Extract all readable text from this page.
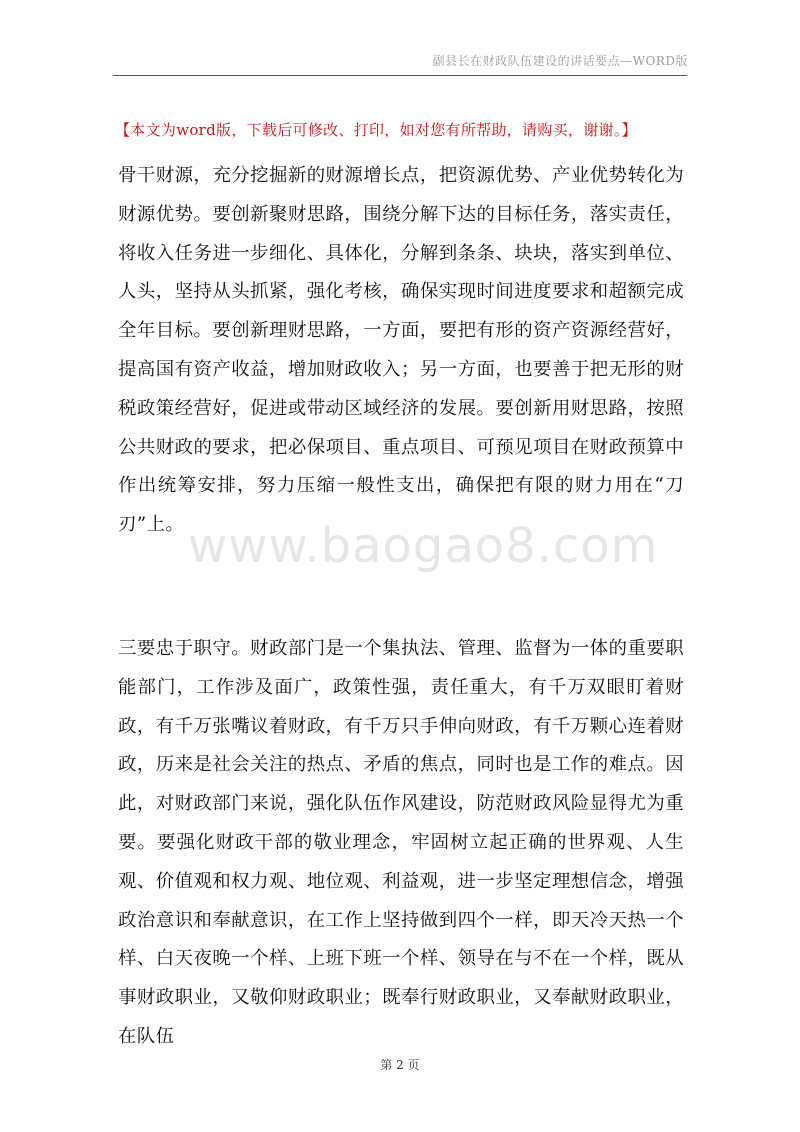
副县长在财政队伍建设的讲话要点—WORD版
【本文为word版，下载后可修改、打印，如对您有所帮助，请购买，谢谢。】

骨干财源，充分挖掘新的财源增长点，把资源优势、产业优势转化为财源优势。要创新聚财思路，围绕分解下达的目标任务，落实责任，将收入任务进一步细化、具体化，分解到条条、块块，落实到单位、人头，坚持从头抓紧，强化考核，确保实现时间进度要求和超额完成全年目标。要创新理财思路，一方面，要把有形的资产资源经营好，提高国有资产收益，增加财政收入；另一方面，也要善于把无形的财税政策经营好，促进或带动区域经济的发展。要创新用财思路，按照公共财政的要求，把必保项目、重点项目、可预见项目在财政预算中作出统筹安排，努力压缩一般性支出，确保把有限的财力用在“刀刃”上。 www.baogao8.com

三要忠于职守。财政部门是一个集执法、管理、监督为一体的重要职能部门，工作涉及面广，政策性强，责任重大，有千万双眼盯着财政，有千万张嘴议着财政，有千万只手伸向财政，有千万颗心连着财政，历来是社会关注的热点、矛盾的焦点，同时也是工作的难点。因此，对财政部门来说，强化队伍作风建设，防范财政风险显得尤为重要。要强化财政干部的敬业理念，牢固树立起正确的世界观、人生观、价值观和权力观、地位观、利益观，进一步坚定理想信念，增强政治意识和奉献意识，在工作上坚持做到四个一样，即天冷天热一个样、白天夜晚一个样、上班下班一个样、领导在与不在一个样，既从事财政职业，又敬仰财政职业；既奉行财政职业，又奉献财政职业，在队伍

第 2 页
